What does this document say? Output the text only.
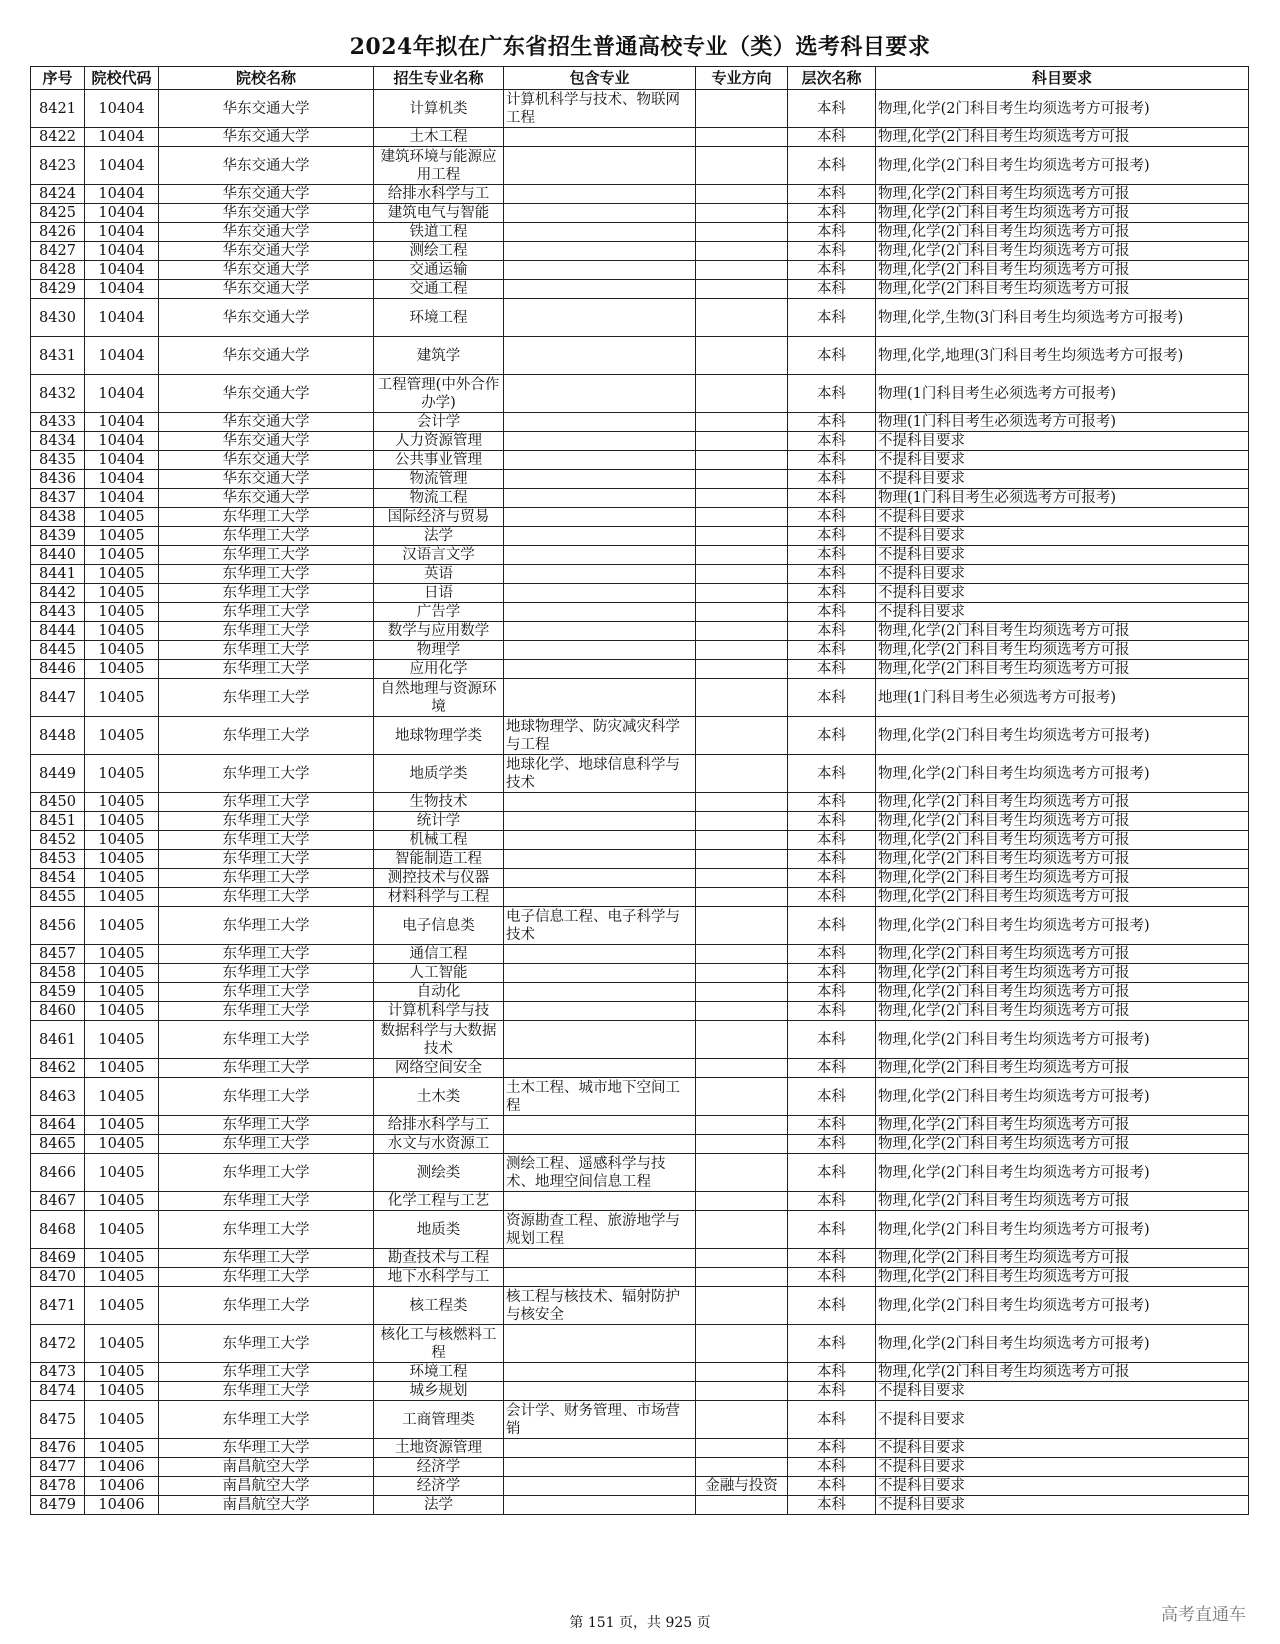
2024年拟在广东省招生普通高校专业（类）选考科目要求
序号	院校代码	院校名称	招生专业名称	包含专业	专业方向	层次名称	科目要求
8421	10404	华东交通大学	计算机类	计算机科学与技术、物联网工程		本科	物理,化学(2门科目考生均须选考方可报考)
8422	10404	华东交通大学	土木工程			本科	物理,化学(2门科目考生均须选考方可报
8423	10404	华东交通大学	建筑环境与能源应用工程			本科	物理,化学(2门科目考生均须选考方可报考)
8424	10404	华东交通大学	给排水科学与工			本科	物理,化学(2门科目考生均须选考方可报
8425	10404	华东交通大学	建筑电气与智能			本科	物理,化学(2门科目考生均须选考方可报
8426	10404	华东交通大学	铁道工程			本科	物理,化学(2门科目考生均须选考方可报
8427	10404	华东交通大学	测绘工程			本科	物理,化学(2门科目考生均须选考方可报
8428	10404	华东交通大学	交通运输			本科	物理,化学(2门科目考生均须选考方可报
8429	10404	华东交通大学	交通工程			本科	物理,化学(2门科目考生均须选考方可报
8430	10404	华东交通大学	环境工程			本科	物理,化学,生物(3门科目考生均须选考方可报考)
8431	10404	华东交通大学	建筑学			本科	物理,化学,地理(3门科目考生均须选考方可报考)
8432	10404	华东交通大学	工程管理(中外合作办学)			本科	物理(1门科目考生必须选考方可报考)
8433	10404	华东交通大学	会计学			本科	物理(1门科目考生必须选考方可报考)
8434	10404	华东交通大学	人力资源管理			本科	不提科目要求
8435	10404	华东交通大学	公共事业管理			本科	不提科目要求
8436	10404	华东交通大学	物流管理			本科	不提科目要求
8437	10404	华东交通大学	物流工程			本科	物理(1门科目考生必须选考方可报考)
8438	10405	东华理工大学	国际经济与贸易			本科	不提科目要求
8439	10405	东华理工大学	法学			本科	不提科目要求
8440	10405	东华理工大学	汉语言文学			本科	不提科目要求
8441	10405	东华理工大学	英语			本科	不提科目要求
8442	10405	东华理工大学	日语			本科	不提科目要求
8443	10405	东华理工大学	广告学			本科	不提科目要求
8444	10405	东华理工大学	数学与应用数学			本科	物理,化学(2门科目考生均须选考方可报
8445	10405	东华理工大学	物理学			本科	物理,化学(2门科目考生均须选考方可报
8446	10405	东华理工大学	应用化学			本科	物理,化学(2门科目考生均须选考方可报
8447	10405	东华理工大学	自然地理与资源环境			本科	地理(1门科目考生必须选考方可报考)
8448	10405	东华理工大学	地球物理学类	地球物理学、防灾减灾科学与工程		本科	物理,化学(2门科目考生均须选考方可报考)
8449	10405	东华理工大学	地质学类	地球化学、地球信息科学与技术		本科	物理,化学(2门科目考生均须选考方可报考)
8450	10405	东华理工大学	生物技术			本科	物理,化学(2门科目考生均须选考方可报
8451	10405	东华理工大学	统计学			本科	物理,化学(2门科目考生均须选考方可报
8452	10405	东华理工大学	机械工程			本科	物理,化学(2门科目考生均须选考方可报
8453	10405	东华理工大学	智能制造工程			本科	物理,化学(2门科目考生均须选考方可报
8454	10405	东华理工大学	测控技术与仪器			本科	物理,化学(2门科目考生均须选考方可报
8455	10405	东华理工大学	材料科学与工程			本科	物理,化学(2门科目考生均须选考方可报
8456	10405	东华理工大学	电子信息类	电子信息工程、电子科学与技术		本科	物理,化学(2门科目考生均须选考方可报考)
8457	10405	东华理工大学	通信工程			本科	物理,化学(2门科目考生均须选考方可报
8458	10405	东华理工大学	人工智能			本科	物理,化学(2门科目考生均须选考方可报
8459	10405	东华理工大学	自动化			本科	物理,化学(2门科目考生均须选考方可报
8460	10405	东华理工大学	计算机科学与技			本科	物理,化学(2门科目考生均须选考方可报
8461	10405	东华理工大学	数据科学与大数据技术			本科	物理,化学(2门科目考生均须选考方可报考)
8462	10405	东华理工大学	网络空间安全			本科	物理,化学(2门科目考生均须选考方可报
8463	10405	东华理工大学	土木类	土木工程、城市地下空间工程		本科	物理,化学(2门科目考生均须选考方可报考)
8464	10405	东华理工大学	给排水科学与工			本科	物理,化学(2门科目考生均须选考方可报
8465	10405	东华理工大学	水文与水资源工			本科	物理,化学(2门科目考生均须选考方可报
8466	10405	东华理工大学	测绘类	测绘工程、遥感科学与技术、地理空间信息工程		本科	物理,化学(2门科目考生均须选考方可报考)
8467	10405	东华理工大学	化学工程与工艺			本科	物理,化学(2门科目考生均须选考方可报
8468	10405	东华理工大学	地质类	资源勘查工程、旅游地学与规划工程		本科	物理,化学(2门科目考生均须选考方可报考)
8469	10405	东华理工大学	勘查技术与工程			本科	物理,化学(2门科目考生均须选考方可报
8470	10405	东华理工大学	地下水科学与工			本科	物理,化学(2门科目考生均须选考方可报
8471	10405	东华理工大学	核工程类	核工程与核技术、辐射防护与核安全		本科	物理,化学(2门科目考生均须选考方可报考)
8472	10405	东华理工大学	核化工与核燃料工程			本科	物理,化学(2门科目考生均须选考方可报考)
8473	10405	东华理工大学	环境工程			本科	物理,化学(2门科目考生均须选考方可报
8474	10405	东华理工大学	城乡规划			本科	不提科目要求
8475	10405	东华理工大学	工商管理类	会计学、财务管理、市场营销		本科	不提科目要求
8476	10405	东华理工大学	土地资源管理			本科	不提科目要求
8477	10406	南昌航空大学	经济学			本科	不提科目要求
8478	10406	南昌航空大学	经济学		金融与投资	本科	不提科目要求
8479	10406	南昌航空大学	法学			本科	不提科目要求
第 151 页，共 925 页	高考直通车
